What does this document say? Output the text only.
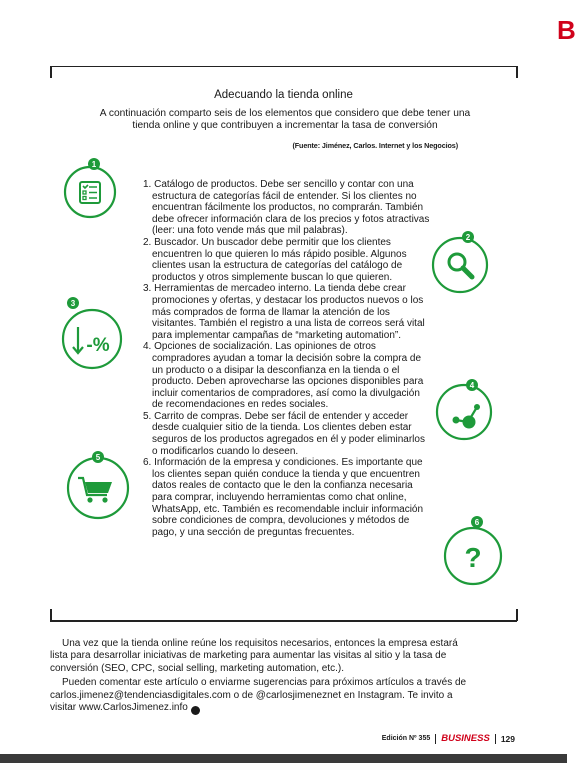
B
Adecuando la tienda online
A continuación comparto seis de los elementos que considero que debe tener una tienda online y que contribuyen a incrementar la tasa de conversión
(Fuente: Jiménez, Carlos. Internet y los Negocios)
1
2
3
-%
4
5
6
?

1. Catálogo de productos. Debe ser sencillo y contar con una estructura de categorías fácil de entender. Si los clientes no encuentran fácilmente los productos, no comprarán. También debe ofrecer información clara de los precios y fotos atractivas (leer: una foto vende más que mil palabras).

2. Buscador. Un buscador debe permitir que los clientes encuentren lo que quieren lo más rápido posible. Algunos clientes usan la estructura de categorías del catálogo de productos y otros simplemente buscan lo que quieren.

3. Herramientas de mercadeo interno. La tienda debe crear promociones y ofertas, y destacar los productos nuevos o los más comprados de forma de llamar la atención de los visitantes. También el registro a una lista de correos será vital para implementar campañas de “marketing automation”.

4. Opciones de socialización. Las opiniones de otros compradores ayudan a tomar la decisión sobre la compra de un producto o a disipar la desconfianza en la tienda o el producto. Deben aprovecharse las opciones disponibles para incluir comentarios de compradores, así como la divulgación de recomendaciones en redes sociales.

5. Carrito de compras. Debe ser fácil de entender y acceder desde cualquier sitio de la tienda. Los clientes deben estar seguros de los productos agregados en él y poder eliminarlos o modificarlos cuando lo deseen.

6. Información de la empresa y condiciones. Es importante que los clientes sepan quién conduce la tienda y que encuentren datos reales de contacto que le den la confianza necesaria para comprar, incluyendo herramientas como chat online, WhatsApp, etc. También es recomendable incluir información sobre condiciones de compra, devoluciones y métodos de pago, y una sección de preguntas frecuentes.

Una vez que la tienda online reúne los requisitos necesarios, entonces la empresa estará lista para desarrollar iniciativas de marketing para aumentar las visitas al sitio y la tasa de conversión (SEO, CPC, social selling, marketing automation, etc.).

Pueden comentar este artículo o enviarme sugerencias para próximos artículos a través de carlos.jimenez@tendenciasdigitales.com o de @carlosjimeneznet en Instagram. Te invito a visitar www.CarlosJimenez.info B

Edición Nº 355 BUSINESS 129
